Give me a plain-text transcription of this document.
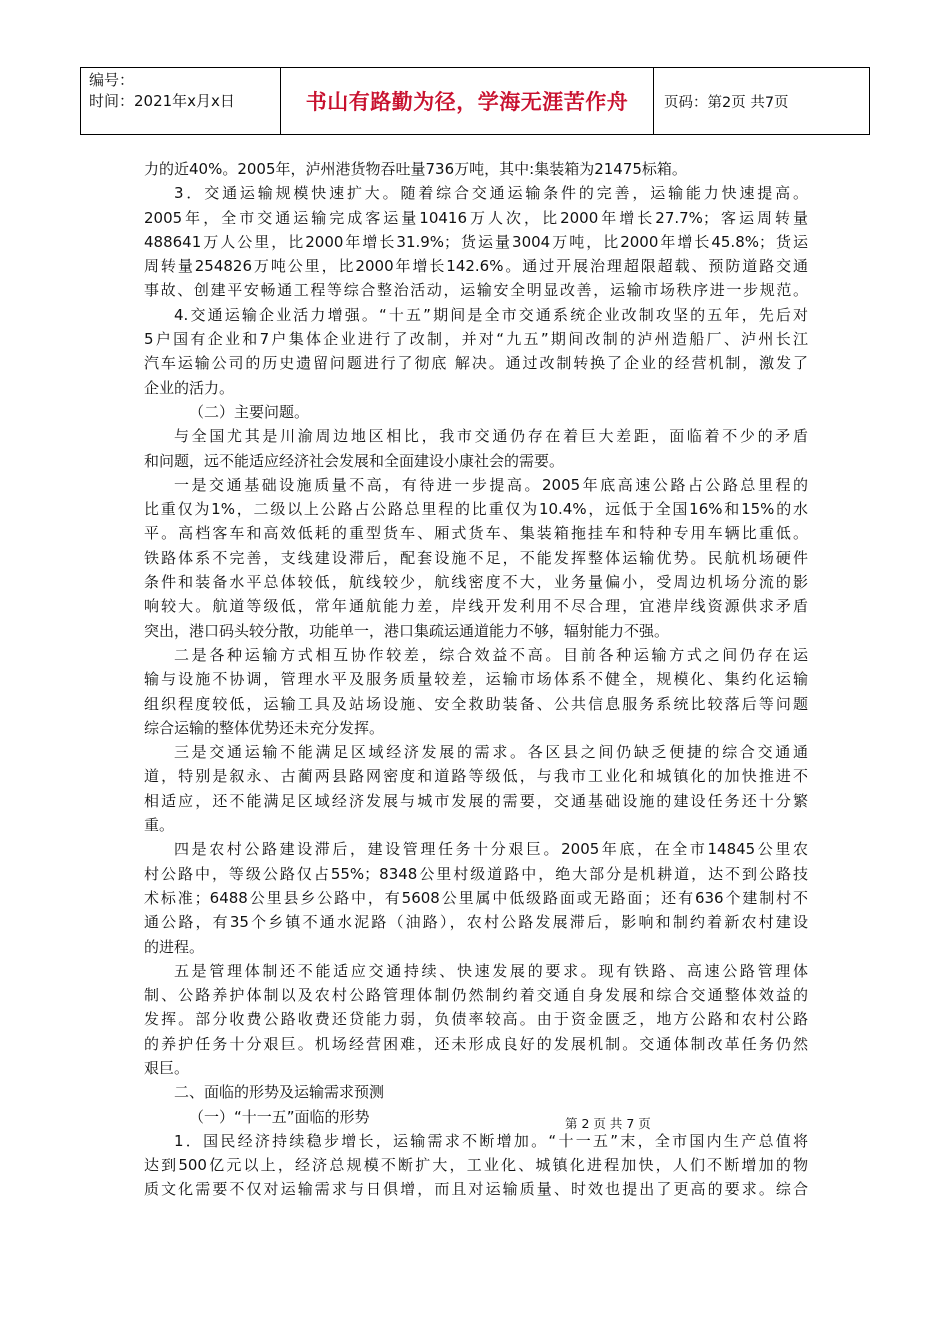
编号：
时间：2021年x月x日	书山有路勤为径，学海无涯苦作舟 页码：第2页 共7页
力的近40%。2005年，泸州港货物吞吐量736万吨，其中:集装箱为21475标箱。
3．交通运输规模快速扩大。随着综合交通运输条件的完善，运输能力快速提高。
2005年，全市交通运输完成客运量10416万人次，比2000年增长27.7%；客运周转量
488641万人公里，比2000年增长31.9%；货运量3004万吨，比2000年增长45.8%；货运
周转量254826万吨公里，比2000年增长142.6%。通过开展治理超限超载、预防道路交通
事故、创建平安畅通工程等综合整治活动，运输安全明显改善，运输市场秩序进一步规范。
4.交通运输企业活力增强。“十五”期间是全市交通系统企业改制攻坚的五年，先后对
5户国有企业和7户集体企业进行了改制，并对“九五”期间改制的泸州造船厂、泸州长江
汽车运输公司的历史遗留问题进行了彻底 解决。通过改制转换了企业的经营机制，激发了
企业的活力。
（二）主要问题。
与全国尤其是川渝周边地区相比，我市交通仍存在着巨大差距，面临着不少的矛盾
和问题，远不能适应经济社会发展和全面建设小康社会的需要。
一是交通基础设施质量不高，有待进一步提高。2005年底高速公路占公路总里程的
比重仅为1%，二级以上公路占公路总里程的比重仅为10.4%，远低于全国16%和15%的水
平。高档客车和高效低耗的重型货车、厢式货车、集装箱拖挂车和特种专用车辆比重低。
铁路体系不完善，支线建设滞后，配套设施不足，不能发挥整体运输优势。民航机场硬件
条件和装备水平总体较低，航线较少，航线密度不大，业务量偏小，受周边机场分流的影
响较大。航道等级低，常年通航能力差，岸线开发利用不尽合理，宜港岸线资源供求矛盾
突出，港口码头较分散，功能单一，港口集疏运通道能力不够，辐射能力不强。
二是各种运输方式相互协作较差，综合效益不高。目前各种运输方式之间仍存在运
输与设施不协调，管理水平及服务质量较差，运输市场体系不健全，规模化、集约化运输
组织程度较低，运输工具及站场设施、安全救助装备、公共信息服务系统比较落后等问题
综合运输的整体优势还未充分发挥。
三是交通运输不能满足区域经济发展的需求。各区县之间仍缺乏便捷的综合交通通
道，特别是叙永、古蔺两县路网密度和道路等级低，与我市工业化和城镇化的加快推进不
相适应，还不能满足区域经济发展与城市发展的需要，交通基础设施的建设任务还十分繁
重。
四是农村公路建设滞后，建设管理任务十分艰巨。2005年底，在全市14845公里农
村公路中，等级公路仅占55%；8348公里村级道路中，绝大部分是机耕道，达不到公路技
术标准；6488公里县乡公路中，有5608公里属中低级路面或无路面；还有636个建制村不
通公路，有35个乡镇不通水泥路（油路），农村公路发展滞后，影响和制约着新农村建设
的进程。
五是管理体制还不能适应交通持续、快速发展的要求。现有铁路、高速公路管理体
制、公路养护体制以及农村公路管理体制仍然制约着交通自身发展和综合交通整体效益的
发挥。部分收费公路收费还贷能力弱，负债率较高。由于资金匮乏，地方公路和农村公路
的养护任务十分艰巨。机场经营困难，还未形成良好的发展机制。交通体制改革任务仍然
艰巨。
二、面临的形势及运输需求预测
（一）“十一五”面临的形势
1．国民经济持续稳步增长，运输需求不断增加。“十一五”末，全市国内生产总值将
达到500亿元以上，经济总规模不断扩大，工业化、城镇化进程加快，人们不断增加的物
质文化需要不仅对运输需求与日俱增，而且对运输质量、时效也提出了更高的要求。综合
第 2 页 共 7 页
